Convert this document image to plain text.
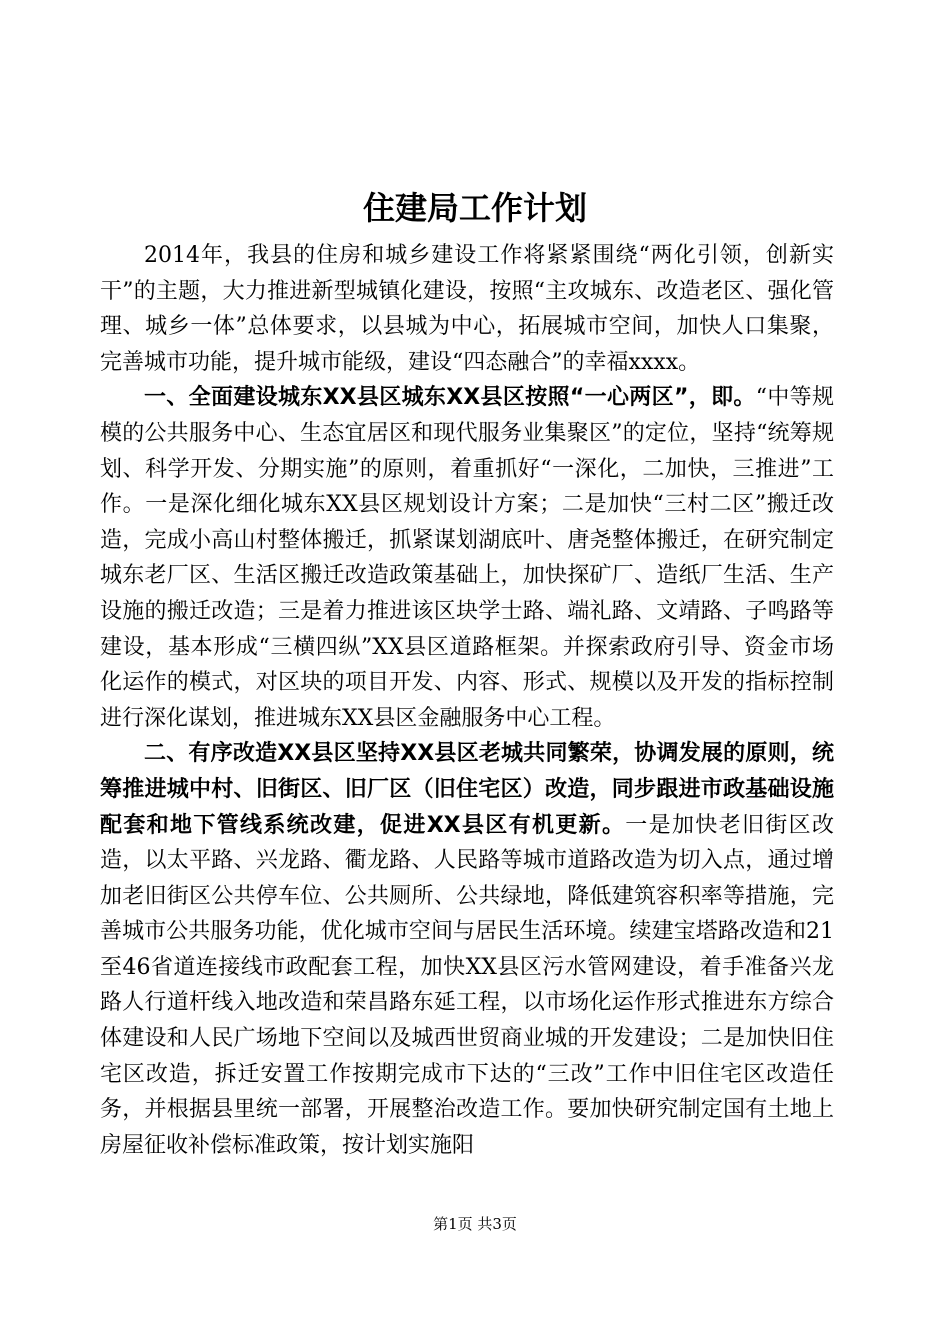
住建局工作计划

2014年，我县的住房和城乡建设工作将紧紧围绕“两化引领，创新实干”的主题，大力推进新型城镇化建设，按照“主攻城东、改造老区、强化管理、城乡一体”总体要求，以县城为中心，拓展城市空间，加快人口集聚，完善城市功能，提升城市能级，建设“四态融合”的幸福xxxx。

一、全面建设城东XX县区城东XX县区按照“一心两区”，即。“中等规模的公共服务中心、生态宜居区和现代服务业集聚区”的定位，坚持“统筹规划、科学开发、分期实施”的原则，着重抓好“一深化，二加快，三推进”工作。一是深化细化城东XX县区规划设计方案；二是加快“三村二区”搬迁改造，完成小高山村整体搬迁，抓紧谋划湖底叶、唐尧整体搬迁，在研究制定城东老厂区、生活区搬迁改造政策基础上，加快探矿厂、造纸厂生活、生产设施的搬迁改造；三是着力推进该区块学士路、端礼路、文靖路、子鸣路等建设，基本形成“三横四纵”XX县区道路框架。并探索政府引导、资金市场化运作的模式，对区块的项目开发、内容、形式、规模以及开发的指标控制进行深化谋划，推进城东XX县区金融服务中心工程。

二、有序改造XX县区坚持XX县区老城共同繁荣，协调发展的原则，统筹推进城中村、旧街区、旧厂区（旧住宅区）改造，同步跟进市政基础设施配套和地下管线系统改建，促进XX县区有机更新。一是加快老旧街区改造，以太平路、兴龙路、衢龙路、人民路等城市道路改造为切入点，通过增加老旧街区公共停车位、公共厕所、公共绿地，降低建筑容积率等措施，完善城市公共服务功能，优化城市空间与居民生活环境。续建宝塔路改造和21至46省道连接线市政配套工程，加快XX县区污水管网建设，着手准备兴龙路人行道杆线入地改造和荣昌路东延工程，以市场化运作形式推进东方综合体建设和人民广场地下空间以及城西世贸商业城的开发建设；二是加快旧住宅区改造，拆迁安置工作按期完成市下达的“三改”工作中旧住宅区改造任务，并根据县里统一部署，开展整治改造工作。要加快研究制定国有土地上房屋征收补偿标准政策，按计划实施阳

第1页 共3页
